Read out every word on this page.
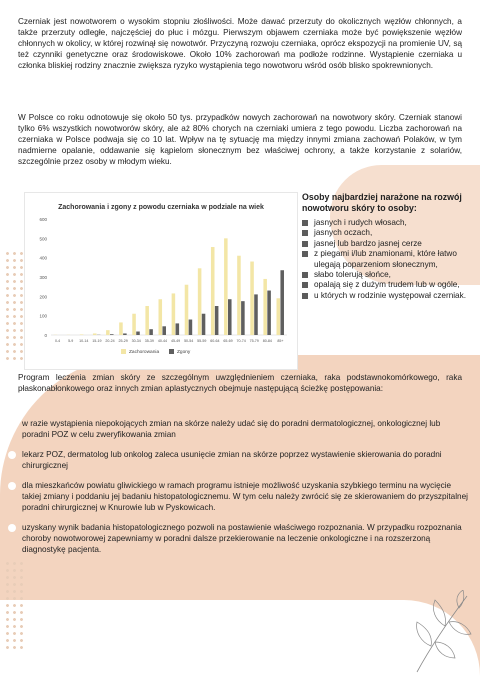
Czerniak jest nowotworem o wysokim stopniu złośliwości. Może dawać przerzuty do okolicznych węzłów chłonnych, a także przerzuty odległe, najczęściej do płuc i mózgu. Pierwszym objawem czerniaka może być powiększenie węzłów chłonnych w okolicy, w której rozwinął się nowotwór. Przyczyną rozwoju czerniaka, oprócz ekspozycji na promienie UV, są też czynniki genetyczne oraz środowiskowe. Około 10% zachorowań ma podłoże rodzinne. Wystąpienie czerniaka u członka bliskiej rodziny znacznie zwiększa ryzyko wystąpienia tego nowotworu wśród osób blisko spokrewnionych.
W Polsce co roku odnotowuje się około 50 tys. przypadków nowych zachorowań na nowotwory skóry. Czerniak stanowi tylko 6% wszystkich nowotworów skóry, ale aż 80% chorych na czerniaki umiera z tego powodu. Liczba zachorowań na czerniaka w Polsce podwaja się co 10 lat. Wpływ na tę sytuację ma między innymi zmiana zachowań Polaków, w tym nadmierne opalanie, oddawanie się kąpielom słonecznym bez właściwej ochrony, a także korzystanie z solariów, szczególnie przez osoby w młodym wieku.
Zachorowania i zgony z powodu czerniaka w podziale na wiek
0
100
200
300
400
500
600
0-4 5-9 10-14 15-19 20-24 25-29 30-34 35-39 40-44 45-49 50-54 55-59 60-64 65-69 70-74 75-79 80-84 85+
Zachorowania	Zgony
Osoby najbardziej narażone na rozwój nowotworu skóry to osoby:
jasnych i rudych włosach,
jasnych oczach,
jasnej lub bardzo jasnej cerze
z piegami i/lub znamionami, które łatwo ulegają poparzeniom słonecznym,
słabo tolerują słońce,
opalają się z dużym trudem lub w ogóle,
u których w rodzinie występował czerniak.
Program leczenia zmian skóry ze szczególnym uwzględnieniem czerniaka, raka podstawnokomórkowego, raka płaskonabłonkowego oraz innych zmian aplastycznych obejmuje następującą ścieżkę postępowania:
w razie wystąpienia niepokojących zmian na skórze należy udać się do poradni dermatologicznej, onkologicznej lub poradni POZ w celu zweryfikowania zmian
lekarz POZ, dermatolog lub onkolog zaleca usunięcie zmian na skórze poprzez wystawienie skierowania do poradni chirurgicznej
dla mieszkańców powiatu gliwickiego w ramach programu istnieje możliwość uzyskania szybkiego terminu na wycięcie takiej zmiany i poddaniu jej badaniu histopatologicznemu. W tym celu należy zwrócić się ze skierowaniem do przyszpitalnej poradni chirurgicznej w Knurowie lub w Pyskowicach.
uzyskany wynik badania histopatologicznego pozwoli na postawienie właściwego rozpoznania. W przypadku rozpoznania choroby nowotworowej zapewniamy w poradni dalsze przekierowanie na leczenie onkologiczne i na rozszerzoną diagnostykę pacjenta.
